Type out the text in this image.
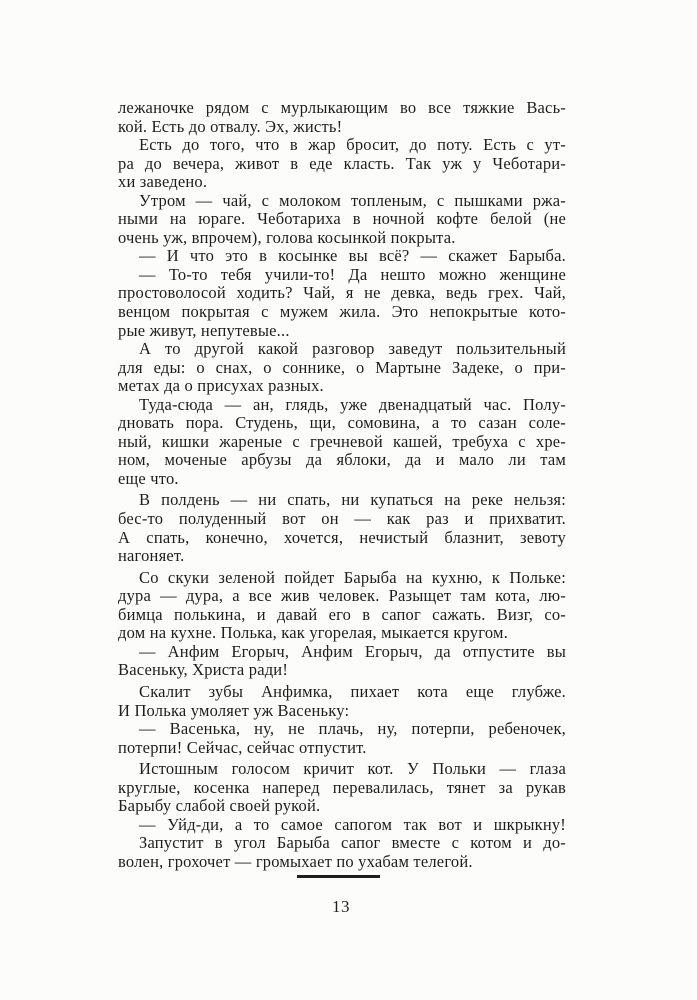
лежаночке рядом с мурлыкающим во все тяжкие Вась-
кой. Есть до отвалу. Эх, жисть!
Есть до того, что в жар бросит, до поту. Есть с ут-
ра до вечера, живот в еде класть. Так уж у Чеботари-
хи заведено.
Утром — чай, с молоком топленым, с пышками ржа-
ными на юраге. Чеботариха в ночной кофте белой (не
очень уж, впрочем), голова косынкой покрыта.
— И что это в косынке вы всё? — скажет Барыба.
— То-то тебя учили-то! Да нешто можно женщине
простоволосой ходить? Чай, я не девка, ведь грех. Чай,
венцом покрытая с мужем жила. Это непокрытые кото-
рые живут, непутевые...
А то другой какой разговор заведут пользительный
для еды: о снах, о соннике, о Мартыне Задеке, о при-
метах да о присухах разных.
Туда-сюда — ан, глядь, уже двенадцатый час. Полу-
дновать пора. Студень, щи, сомовина, а то сазан соле-
ный, кишки жареные с гречневой кашей, требуха с хре-
ном, моченые арбузы да яблоки, да и мало ли там
еще что.
В полдень — ни спать, ни купаться на реке нельзя:
бес-то полуденный вот он — как раз и прихватит.
А спать, конечно, хочется, нечистый блазнит, зевоту
нагоняет.
Со скуки зеленой пойдет Барыба на кухню, к Польке:
дура — дура, а все жив человек. Разыщет там кота, лю-
бимца полькина, и давай его в сапог сажать. Визг, со-
дом на кухне. Полька, как угорелая, мыкается кругом.
— Анфим Егорыч, Анфим Егорыч, да отпустите вы
Васеньку, Христа ради!
Скалит зубы Анфимка, пихает кота еще глубже.
И Полька умоляет уж Васеньку:
— Васенька, ну, не плачь, ну, потерпи, ребеночек,
потерпи! Сейчас, сейчас отпустит.
Истошным голосом кричит кот. У Польки — глаза
круглые, косенка наперед перевалилась, тянет за рукав
Барыбу слабой своей рукой.
— Уйд-ди, а то самое сапогом так вот и шкрыкну!
Запустит в угол Барыба сапог вместе с котом и до-
волен, грохочет — громыхает по ухабам телегой.
13
